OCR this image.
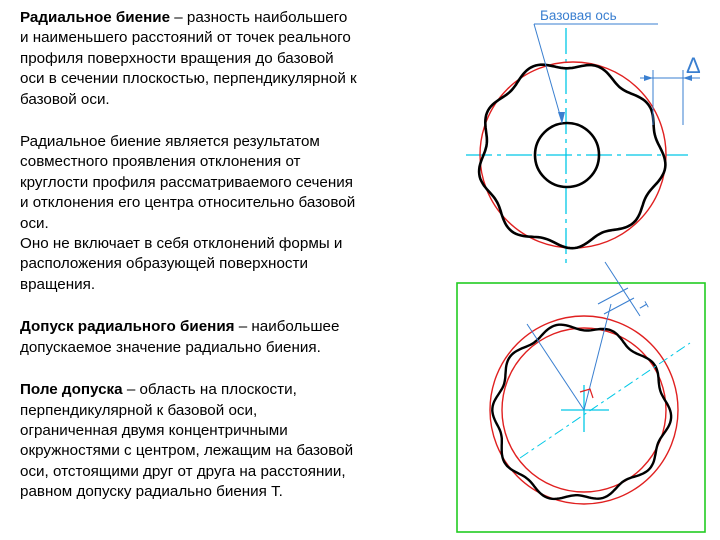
Радиальное биение – разность наибольшего
и наименьшего расстояний от точек реального
профиля поверхности вращения до базовой
оси в сечении плоскостью, перпендикулярной к
базовой оси.

Радиальное биение является результатом
совместного проявления отклонения от
круглости профиля рассматриваемого сечения
и отклонения его центра относительно базовой
оси.
Оно не включает в себя отклонений формы и
расположения образующей поверхности
вращения.

Допуск радиального биения – наибольшее
допускаемое значение радиально биения.

Поле допуска – область на плоскости,
перпендикулярной к базовой оси,
ограниченная двумя концентричными
окружностями с центром, лежащим на базовой
оси, отстоящими друг от друга на расстоянии,
равном допуску радиально биения Т.

Базовая ось
Δ
T
